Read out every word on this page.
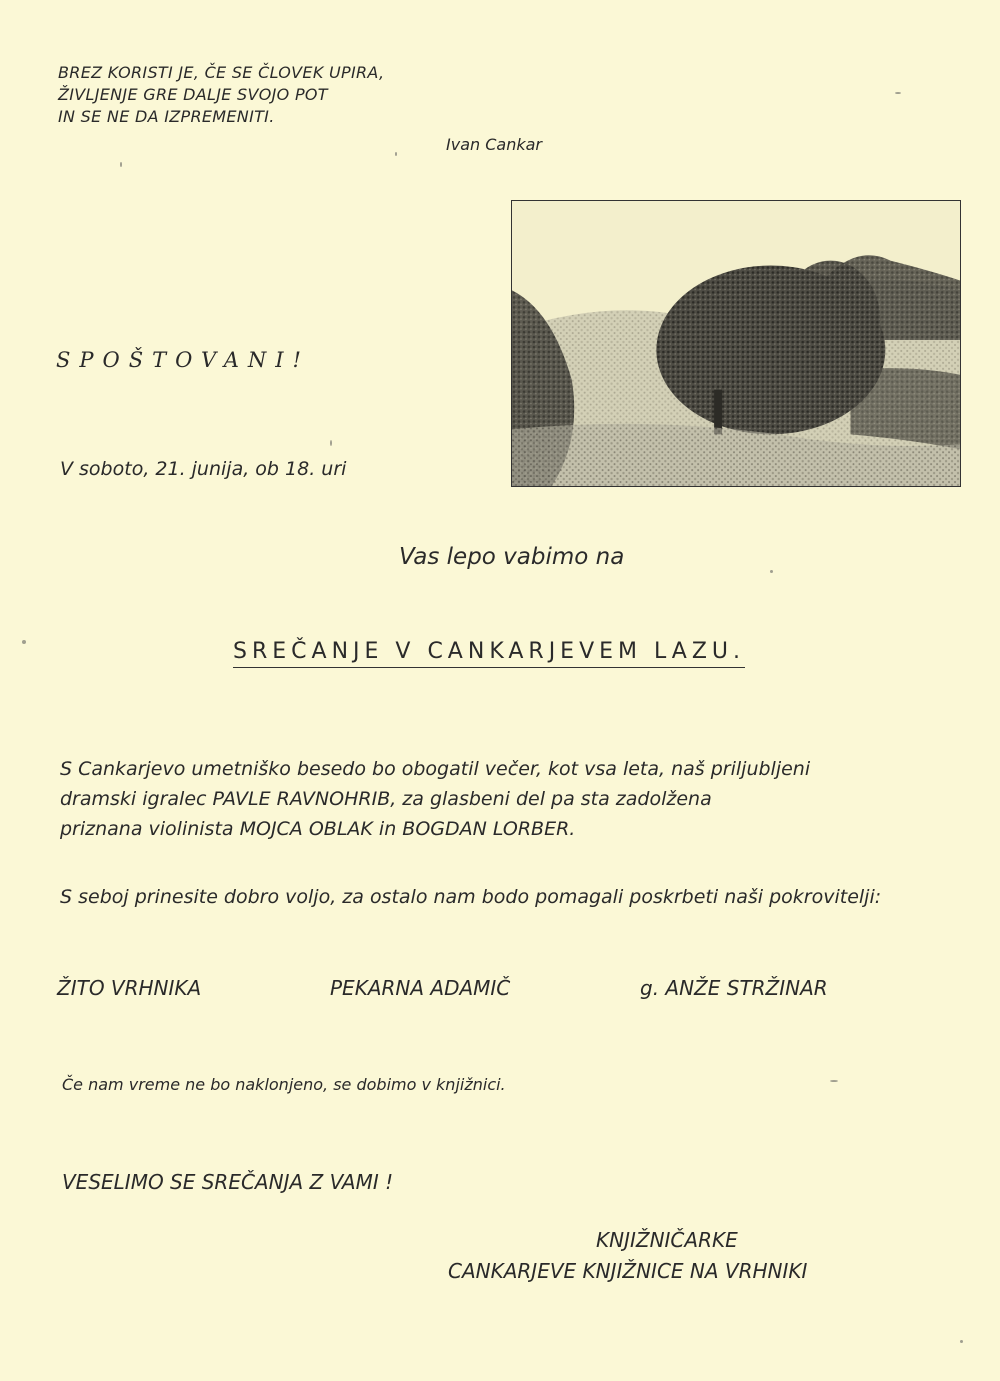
BREZ KORISTI JE, ČE SE ČLOVEK UPIRA,
ŽIVLJENJE GRE DALJE SVOJO POT
IN SE NE DA IZPREMENITI.
Ivan Cankar
SPOŠTOVANI!
V soboto, 21. junija, ob 18. uri
Vas lepo vabimo na
SREČANJE V CANKARJEVEM LAZU.
S Cankarjevo umetniško besedo bo obogatil večer, kot vsa leta, naš priljubljeni
dramski igralec PAVLE RAVNOHRIB, za glasbeni del pa sta zadolžena
priznana violinista MOJCA OBLAK in BOGDAN LORBER.
S seboj prinesite dobro voljo, za ostalo nam bodo pomagali poskrbeti naši pokrovitelji:
ŽITO VRHNIKA	PEKARNA ADAMIČ	g. ANŽE STRŽINAR
Če nam vreme ne bo naklonjeno, se dobimo v knjižnici.
VESELIMO SE SREČANJA Z VAMI !
KNJIŽNIČARKE
CANKARJEVE KNJIŽNICE NA VRHNIKI
